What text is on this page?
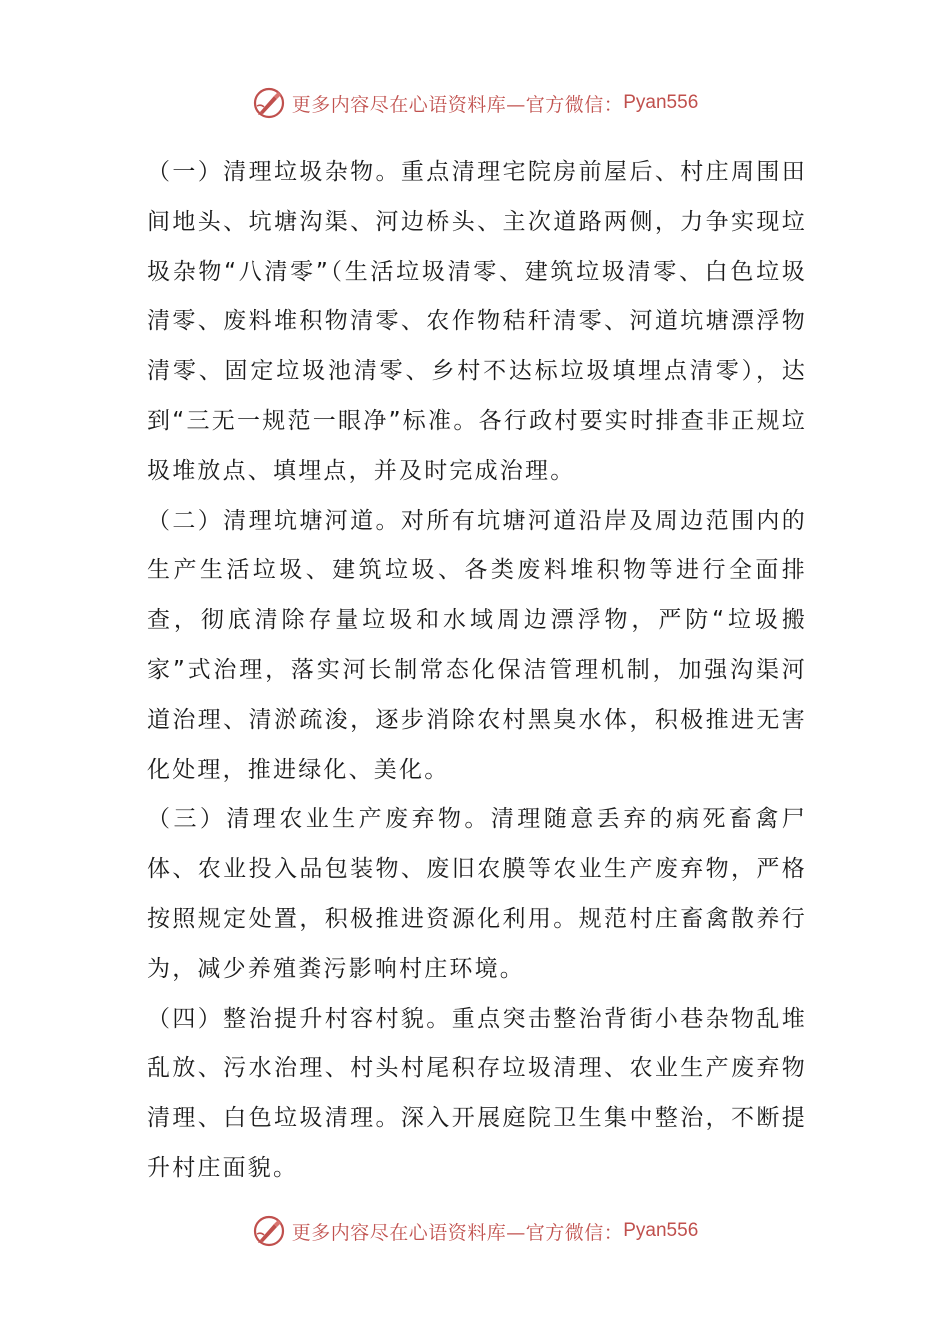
更多内容尽在心语资料库—官方微信： Pyan556

（一）清理垃圾杂物。重点清理宅院房前屋后、村庄周围田间地头、坑塘沟渠、河边桥头、主次道路两侧，力争实现垃圾杂物“八清零”（生活垃圾清零、建筑垃圾清零、白色垃圾清零、废料堆积物清零、农作物秸秆清零、河道坑塘漂浮物清零、固定垃圾池清零、乡村不达标垃圾填埋点清零），达到“三无一规范一眼净”标准。各行政村要实时排查非正规垃圾堆放点、填埋点，并及时完成治理。

（二）清理坑塘河道。对所有坑塘河道沿岸及周边范围内的生产生活垃圾、建筑垃圾、各类废料堆积物等进行全面排查，彻底清除存量垃圾和水域周边漂浮物，严防“垃圾搬家”式治理，落实河长制常态化保洁管理机制，加强沟渠河道治理、清淤疏浚，逐步消除农村黑臭水体，积极推进无害化处理，推进绿化、美化。

（三）清理农业生产废弃物。清理随意丢弃的病死畜禽尸体、农业投入品包装物、废旧农膜等农业生产废弃物，严格按照规定处置，积极推进资源化利用。规范村庄畜禽散养行为，减少养殖粪污影响村庄环境。

（四）整治提升村容村貌。重点突击整治背街小巷杂物乱堆乱放、污水治理、村头村尾积存垃圾清理、农业生产废弃物清理、白色垃圾清理。深入开展庭院卫生集中整治，不断提升村庄面貌。

更多内容尽在心语资料库—官方微信： Pyan556
